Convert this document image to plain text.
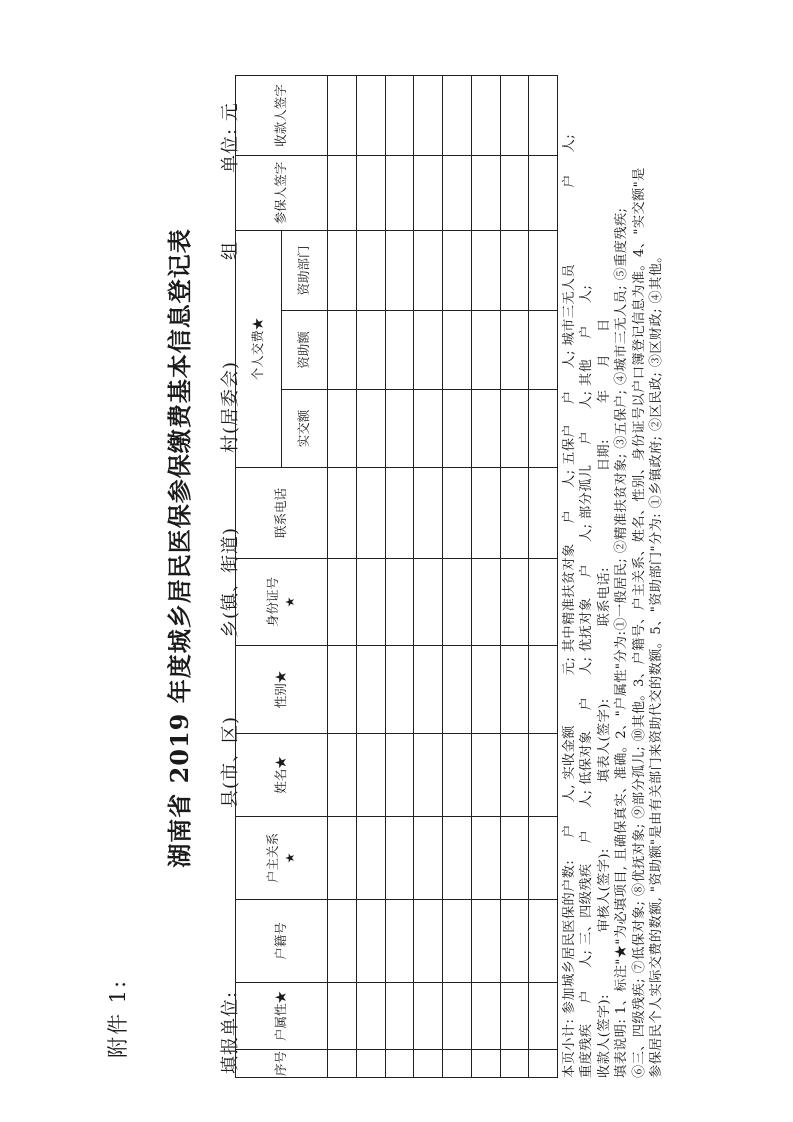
附件 1:
湖南省 2019 年度城乡居民医保参保缴费基本信息登记表
填报单位:
县(市、区)
乡(镇、街道)
村(居委会)
组
单位: 元
序号	户属性★	户籍号	户主关系 ★	姓名★	性别★	身份证号 ★	联系电话	个人交费★			参保人签字	收款人签字
								实交额	资助额	资助部门		

本页小计: 参加城乡居民医保的户数:户人, 实收金额元; 其中精准扶贫对象户人; 五保户户人; 城市三无人员户人;
重度残疾户人; 三、四级残疾户人; 低保对象户人; 优抚对象户人; 部分孤儿户人; 其他户人;
收款人(签字):审核人(签字):填表人(签字):联系电话:日期:年月日 填表说明: 1、标注"★"为必填项目, 且确保真实、准确。2、"户属性"分为:①一般居民; ②精准扶贫对象; ③五保户; ④城市三无人员; ⑤重度残疾; ⑥三、四级残疾; ⑦低保对象; ⑧优抚对象; ⑨部分孤儿; ⑩其他。3、户籍号、户主关系、姓名、性别、身份证号以户口簿登记信息为准。4、"实交额"是 参保居民个人实际交费的数额, "资助额"是由有关部门来资助代交的数额。5、"资助部门"分为: ①乡镇政府; ②区民政; ③区财政; ④其他。
